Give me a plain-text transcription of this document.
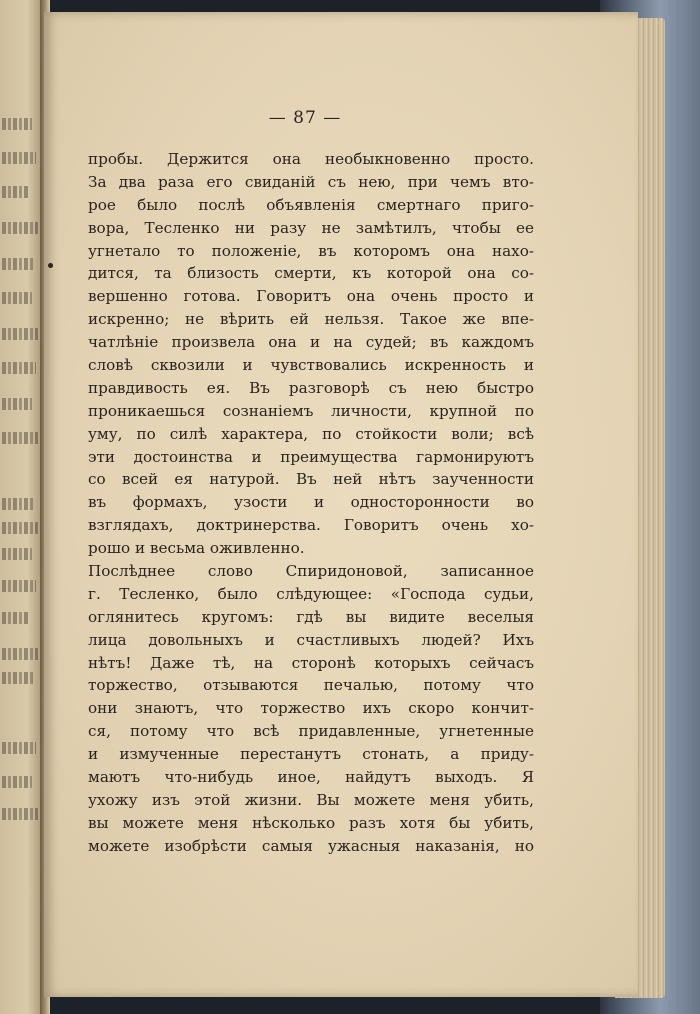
— 87 —
пробы. Держится она необыкновенно просто.
За два раза его свиданій съ нею, при чемъ вто-
рое было послѣ объявленія смертнаго приго-
вора, Тесленко ни разу не замѣтилъ, чтобы ее
угнетало то положеніе, въ которомъ она нахо-
дится, та близость смерти, къ которой она со-
вершенно готова. Говоритъ она очень просто и
искренно; не вѣрить ей нельзя. Такое же впе-
чатлѣніе произвела она и на судей; въ каждомъ
словѣ сквозили и чувствовались искренность и
правдивость ея. Въ разговорѣ съ нею быстро
проникаешься сознаніемъ личности, крупной по
уму, по силѣ характера, по стойкости воли; всѣ
эти достоинства и преимущества гармонируютъ
со всей ея натурой. Въ ней нѣтъ заученности
въ формахъ, узости и односторонности во
взглядахъ, доктринерства. Говоритъ очень хо-
рошо и весьма оживленно.
Послѣднее слово Спиридоновой, записанное
г. Тесленко, было слѣдующее: «Господа судьи,
оглянитесь кругомъ: гдѣ вы видите веселыя
лица довольныхъ и счастливыхъ людей? Ихъ
нѣтъ! Даже тѣ, на сторонѣ которыхъ сейчасъ
торжество, отзываются печалью, потому что
они знаютъ, что торжество ихъ скоро кончит-
ся, потому что всѣ придавленные, угнетенные
и измученные перестанутъ стонать, а приду-
маютъ что-нибудь иное, найдутъ выходъ. Я
ухожу изъ этой жизни. Вы можете меня убить,
вы можете меня нѣсколько разъ хотя бы убить,
можете изобрѣсти самыя ужасныя наказанія, но
